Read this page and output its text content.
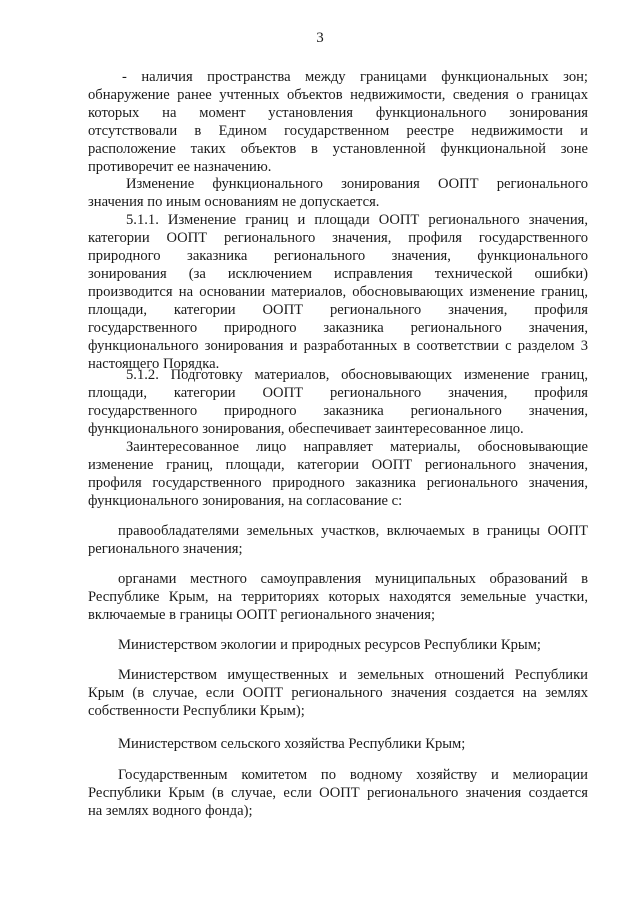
3
- наличия пространства между границами функциональных зон;
обнаружение ранее учтенных объектов недвижимости, сведения о границах
которых на момент установления функционального зонирования
отсутствовали в Едином государственном реестре недвижимости и
расположение таких объектов в установленной функциональной зоне
противоречит ее назначению.
Изменение функционального зонирования ООПТ регионального
значения по иным основаниям не допускается.
5.1.1. Изменение границ и площади ООПТ регионального значения,
категории ООПТ регионального значения, профиля государственного
природного заказника регионального значения, функционального
зонирования (за исключением исправления технической ошибки)
производится на основании материалов, обосновывающих изменение границ,
площади, категории ООПТ регионального значения, профиля
государственного природного заказника регионального значения,
функционального зонирования и разработанных в соответствии с разделом 3
настоящего Порядка.
5.1.2. Подготовку материалов, обосновывающих изменение границ,
площади, категории ООПТ регионального значения, профиля
государственного природного заказника регионального значения,
функционального зонирования, обеспечивает заинтересованное лицо.
Заинтересованное лицо направляет материалы, обосновывающие
изменение границ, площади, категории ООПТ регионального значения,
профиля государственного природного заказника регионального значения,
функционального зонирования, на согласование с:
правообладателями земельных участков, включаемых в границы ООПТ
регионального значения;
органами местного самоуправления муниципальных образований в
Республике Крым, на территориях которых находятся земельные участки,
включаемые в границы ООПТ регионального значения;
Министерством экологии и природных ресурсов Республики Крым;
Министерством имущественных и земельных отношений Республики
Крым (в случае, если ООПТ регионального значения создается на землях
собственности Республики Крым);
Министерством сельского хозяйства Республики Крым;
Государственным комитетом по водному хозяйству и мелиорации
Республики Крым (в случае, если ООПТ регионального значения создается
на землях водного фонда);
